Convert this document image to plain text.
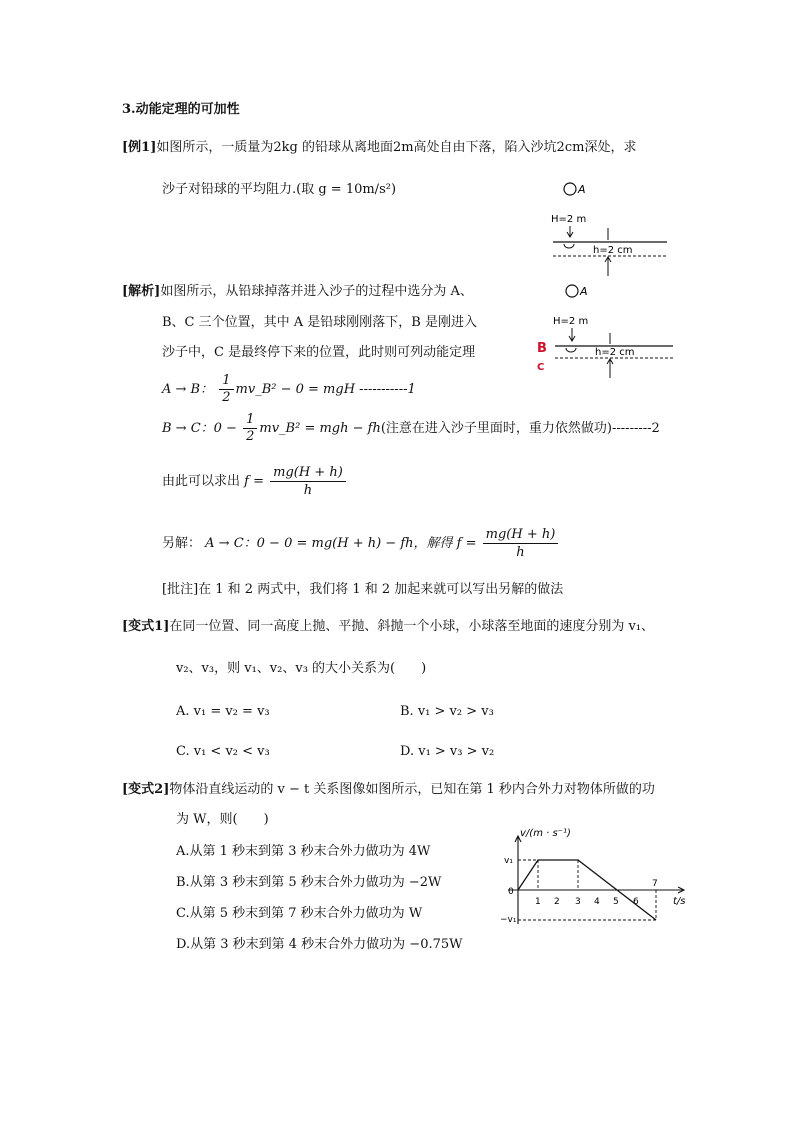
3.动能定理的可加性
[例1]如图所示，一质量为2kg 的铅球从离地面2m高处自由下落，陷入沙坑2cm深处，求
沙子对铅球的平均阻力.(取 g = 10m/s²)	A
H=2 m
h=2 cm
[解析]如图所示，从铅球掉落并进入沙子的过程中选分为 A、
B、C 三个位置，其中 A 是铅球刚刚落下，B 是刚进入
沙子中，C 是最终停下来的位置，此时则可列动能定理
A
H=2 m
h=2 cm
B
C
A → B： $\frac{1}{2}$ mv_B² − 0 = mgH -----------1
B → C：$0 - \frac{1}{2}$ mv_B² = mgh − fh(注意在进入沙子里面时，重力依然做功)---------2
由此可以求出 $f = \frac{mg(H + h)}{h}$
另解： A → C：0 − 0 = mg(H + h) − fh，解得 $f = \frac{mg(H + h)}{h}$
[批注]在 1 和 2 两式中，我们将 1 和 2 加起来就可以写出另解的做法
[变式1]在同一位置、同一高度上抛、平抛、斜抛一个小球，小球落至地面的速度分别为 v₁、
v₂、v₃，则 v₁、v₂、v₃ 的大小关系为(　　)
A. v₁ = v₂ = v₃	B. v₁ > v₂ > v₃
C. v₁ < v₂ < v₃	D. v₁ > v₃ > v₂
[变式2]物体沿直线运动的 v − t 关系图像如图所示，已知在第 1 秒内合外力对物体所做的功
为 W，则(　　)
A.从第 1 秒末到第 3 秒末合外力做功为 4W
B.从第 3 秒末到第 5 秒末合外力做功为 −2W
C.从第 5 秒末到第 7 秒末合外力做功为 W
D.从第 3 秒末到第 4 秒末合外力做功为 −0.75W
v/(m · s⁻¹)
t/s
v₁
0
−v₁
1 2 3 4 5 6
7
